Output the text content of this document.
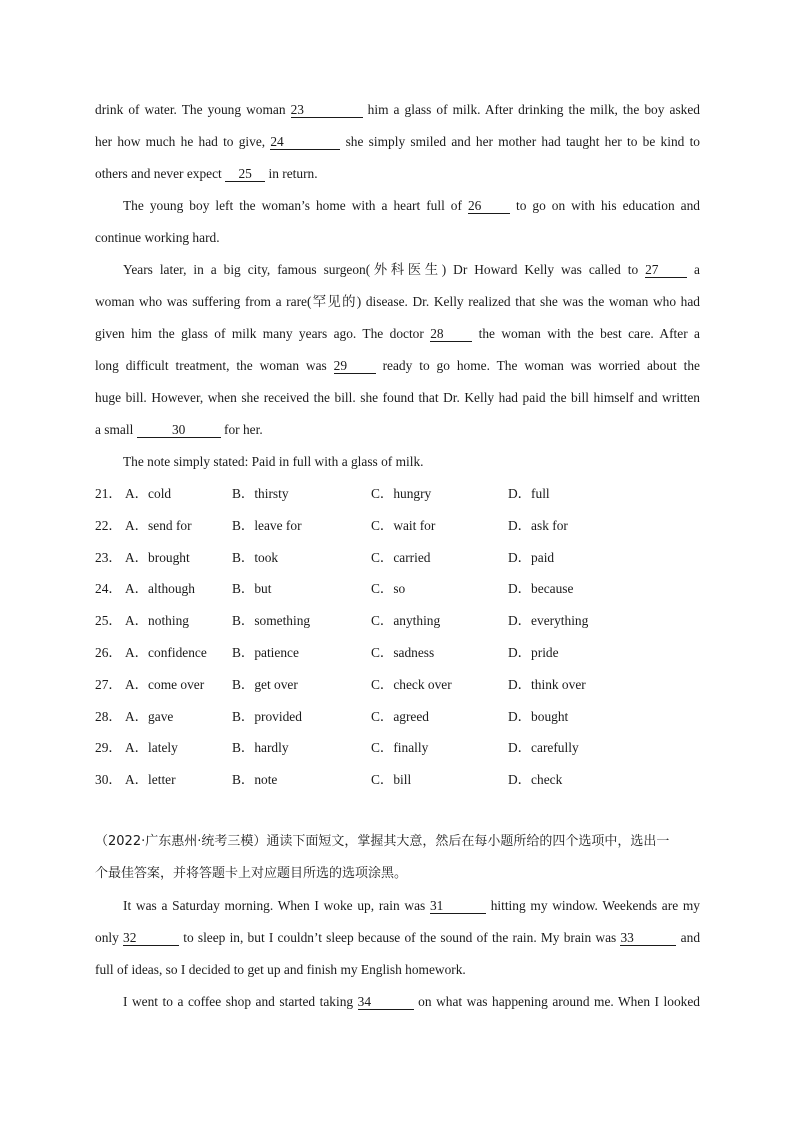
drink of water. The young woman 23	him a glass of milk. After drinking the milk, the boy asked
her how much he had to give, 24	she simply smiled and her mother had taught her to be kind to
others and never expect 25 in return.
The young boy left the woman’s home with a heart full of 26 to go on with his education and
continue working hard.
Years later, in a big city, famous surgeon(外科医生) Dr Howard Kelly was called to 27 a
woman who was suffering from a rare(罕见的) disease. Dr. Kelly realized that she was the woman who had
given him the glass of milk many years ago. The doctor 28 the woman with the best care. After a
long difficult treatment, the woman was 29 ready to go home. The woman was worried about the
huge bill. However, when she received the bill. she found that Dr. Kelly had paid the bill himself and written
a small	30	for her.
The note simply stated: Paid in full with a glass of milk.
21． A．cold	B．thirsty	C．hungry	D．full
22． A．send for	B．leave for	C．wait for	D．ask for
23． A．brought	B．took	C．carried	D．paid
24． A．although	B．but	C．so	D．because
25． A．nothing	B．something	C．anything	D．everything
26． A．confidence	B．patience	C．sadness	D．pride
27． A．come over	B．get over	C．check over	D．think over
28． A．gave	B．provided	C．agreed	D．bought
29． A．lately	B．hardly	C．finally	D．carefully
30． A．letter	B．note	C．bill	D．check
（2022·广东惠州·统考三模）通读下面短文，掌握其大意，然后在每小题所给的四个选项中，选出一
个最佳答案，并将答题卡上对应题目所选的选项涂黑。
It was a Saturday morning. When I woke up, rain was 31	hitting my window. Weekends are my
only 32	to sleep in, but I couldn’t sleep because of the sound of the rain. My brain was 33	and
full of ideas, so I decided to get up and finish my English homework.
I went to a coffee shop and started taking 34	on what was happening around me. When I looked
